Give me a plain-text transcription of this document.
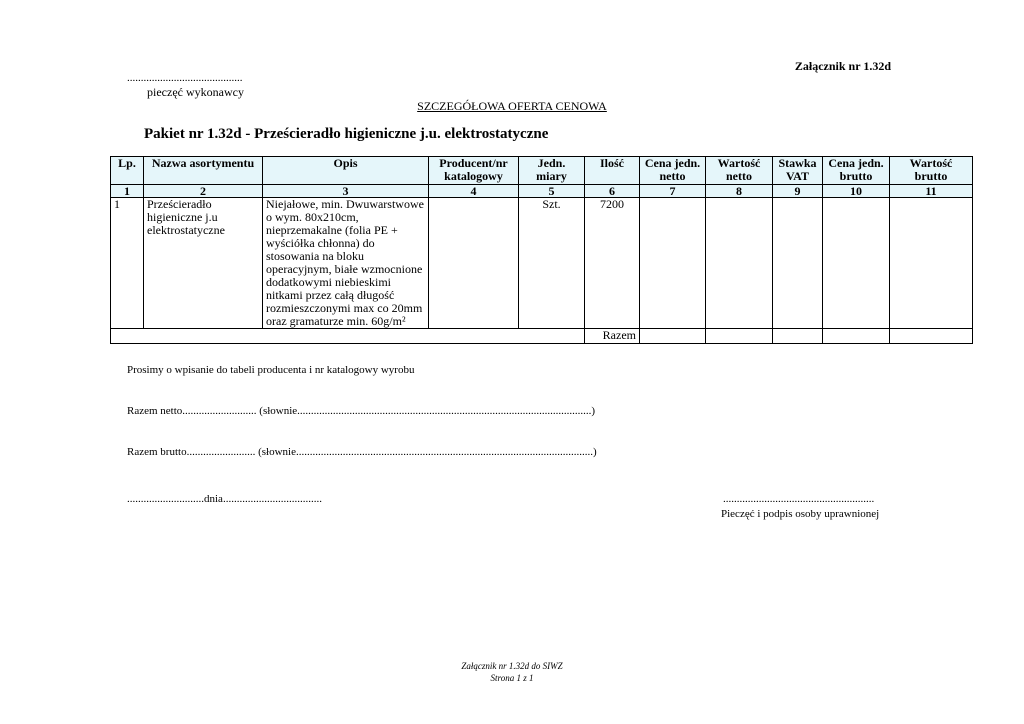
Załącznik nr 1.32d
..........................................
pieczęć wykonawcy
SZCZEGÓŁOWA OFERTA CENOWA
Pakiet nr 1.32d - Prześcieradło higieniczne j.u. elektrostatyczne
Lp.	Nazwa asortymentu	Opis	Producent/nr katalogowy	Jedn. miary	Ilość	Cena jedn. netto	Wartość netto	Stawka VAT	Cena jedn. brutto	Wartość brutto
1	2	3	4	5	6	7	8	9	10	11
1	Prześcieradło higieniczne j.u elektrostatyczne	Niejałowe, min. Dwuwarstwowe o wym. 80x210cm, nieprzemakalne (folia PE + wyściółka chłonna) do stosowania na bloku operacyjnym, białe wzmocnione dodatkowymi niebieskimi nitkami przez całą długość rozmieszczonymi max co 20mm oraz gramaturze min. 60g/m²		Szt.	7200					
					Razem					
Prosimy o wpisanie do tabeli producenta i nr katalogowy wyrobu
Razem netto........................... (słownie...........................................................................................................)
Razem brutto......................... (słownie............................................................................................................)
............................dnia....................................	.......................................................
Pieczęć i podpis osoby uprawnionej
Załącznik nr 1.32d do SIWZ
Strona 1 z 1
